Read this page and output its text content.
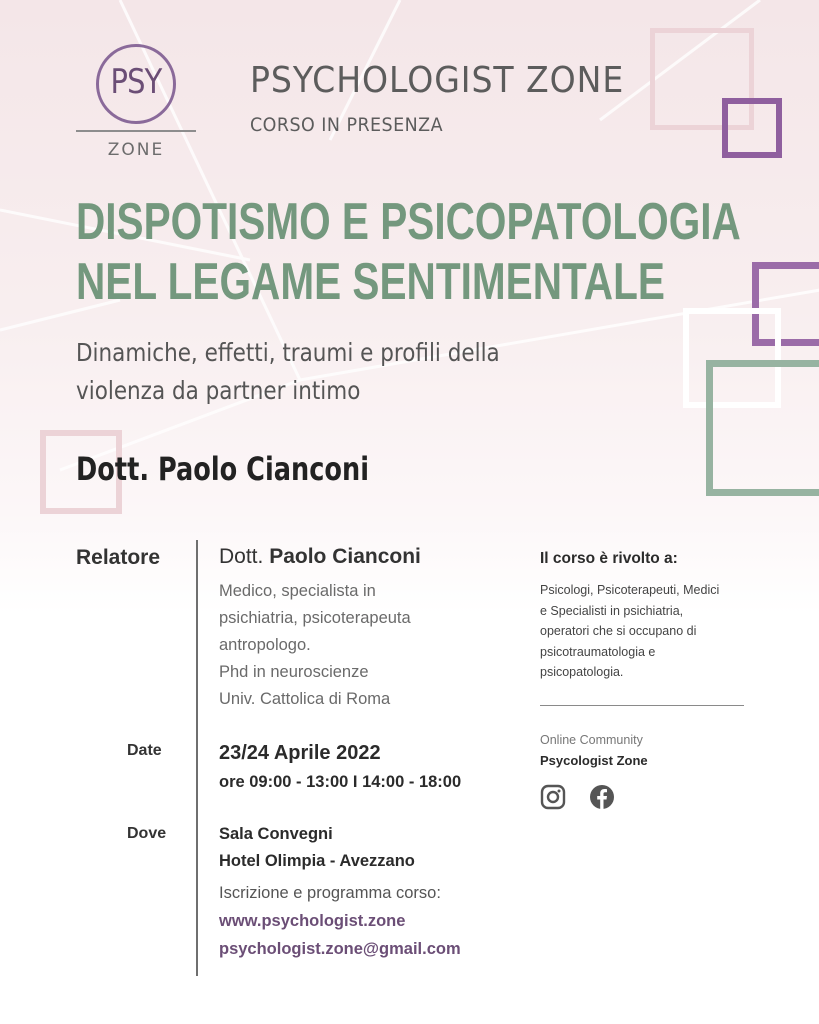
PSY
ZONE
PSYCHOLOGIST ZONE
CORSO IN PRESENZA
DISPOTISMO E PSICOPATOLOGIA
NEL LEGAME SENTIMENTALE
Dinamiche, effetti, traumi e profili della
violenza da partner intimo
Dott. Paolo Cianconi
Relatore	Dott. Paolo Cianconi
Medico, specialista in
psichiatria, psicoterapeuta
antropologo.
Phd in neuroscienze
Univ. Cattolica di Roma
Date	23/24 Aprile 2022
ore 09:00 - 13:00 I 14:00 - 18:00
Dove	Sala Convegni
Hotel Olimpia - Avezzano
Iscrizione e programma corso:
www.psychologist.zone
psychologist.zone@gmail.com
Il corso è rivolto a:
Psicologi, Psicoterapeuti, Medici
e Specialisti in psichiatria,
operatori che si occupano di
psicotraumatologia e
psicopatologia.
Online Community
Psycologist Zone
